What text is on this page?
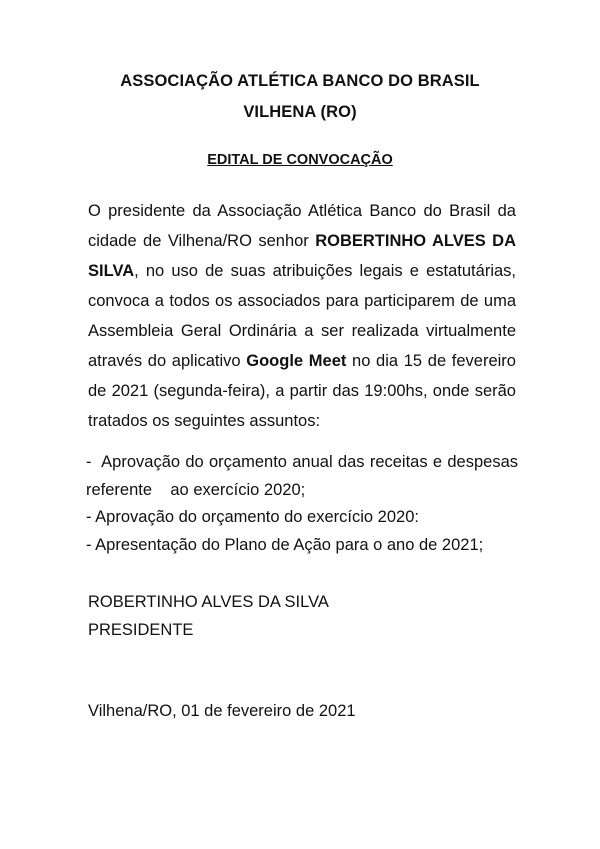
ASSOCIAÇÃO ATLÉTICA BANCO DO BRASIL
VILHENA (RO)
EDITAL DE CONVOCAÇÃO
O presidente da Associação Atlética Banco do Brasil da cidade de Vilhena/RO senhor ROBERTINHO ALVES DA SILVA, no uso de suas atribuições legais e estatutárias, convoca a todos os associados para participarem de uma Assembleia Geral Ordinária a ser realizada virtualmente através do aplicativo Google Meet no dia 15 de fevereiro de 2021 (segunda-feira), a partir das 19:00hs, onde serão tratados os seguintes assuntos:
-  Aprovação do orçamento anual das receitas e despesas referente    ao exercício 2020;
- Aprovação do orçamento do exercício 2020:
- Apresentação do Plano de Ação para o ano de 2021;
ROBERTINHO ALVES DA SILVA
PRESIDENTE
Vilhena/RO, 01 de fevereiro de 2021
